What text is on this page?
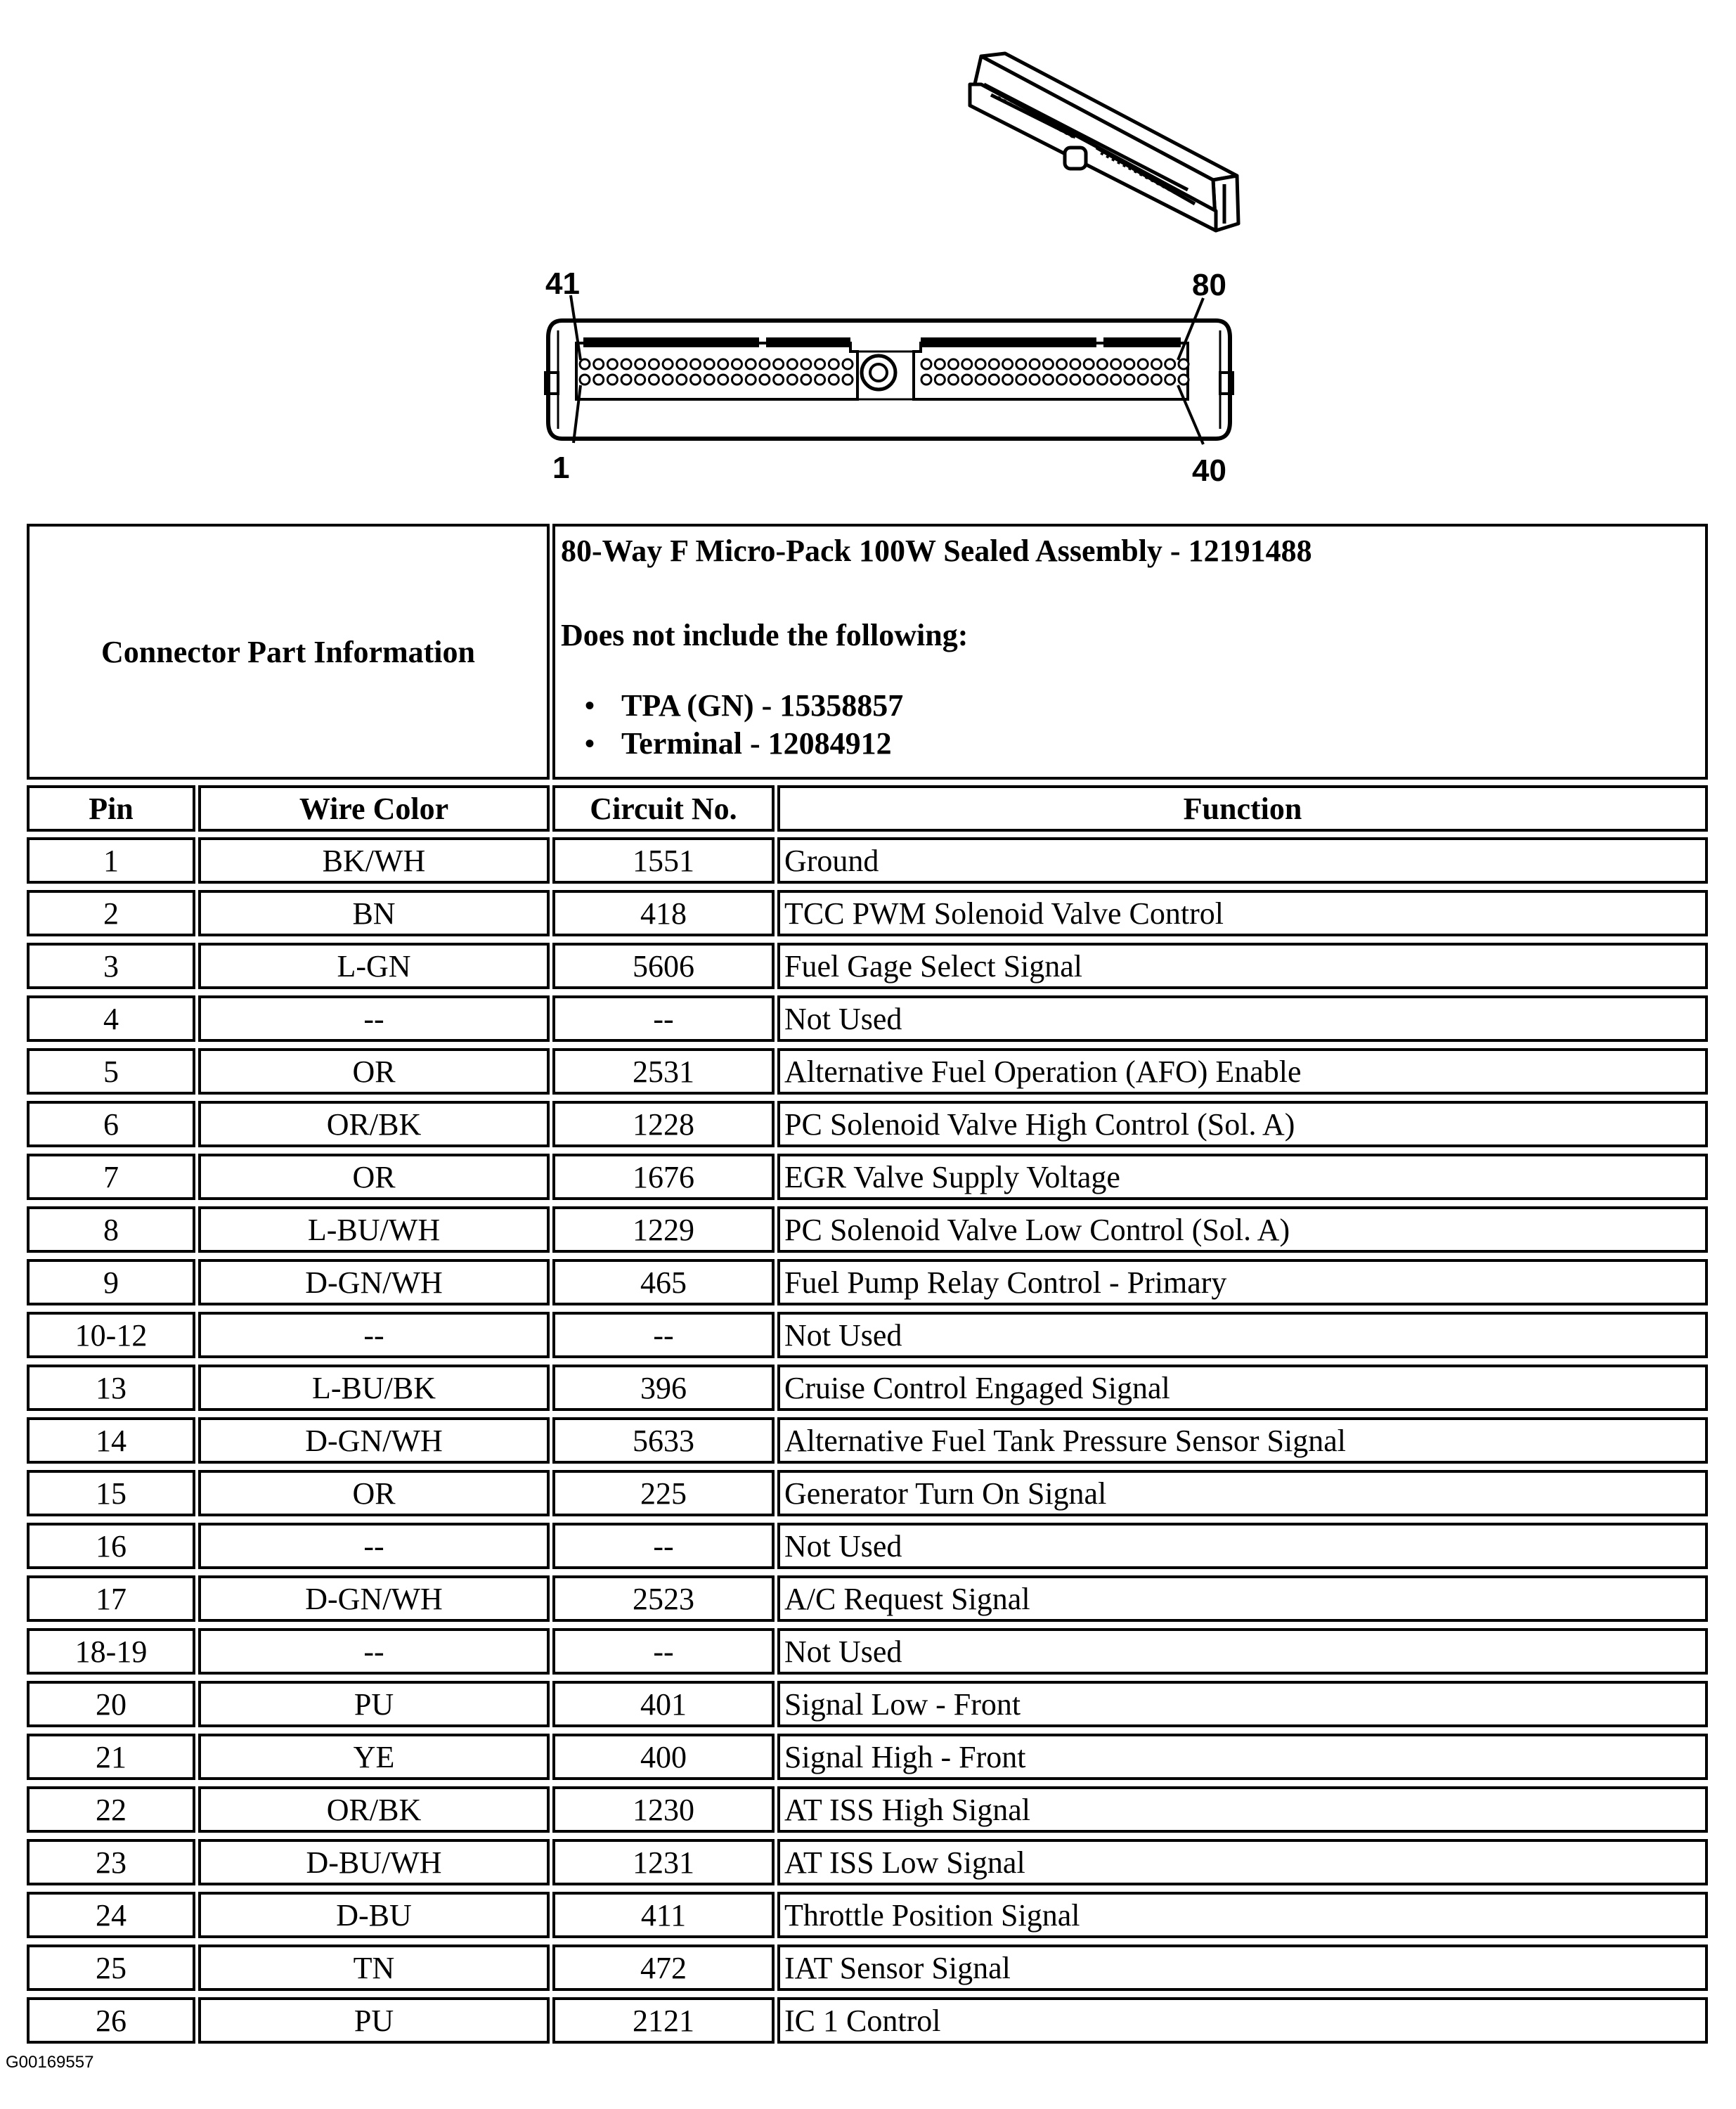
41	80
1	40
Connector Part Information
80-Way F Micro-Pack 100W Sealed Assembly - 12191488
Does not include the following:
• TPA (GN) - 15358857
• Terminal - 12084912
Pin	Wire Color	Circuit No.	Function
1	BK/WH	1551	Ground
2	BN	418	TCC PWM Solenoid Valve Control
3	L-GN	5606	Fuel Gage Select Signal
4	--	--	Not Used
5	OR	2531	Alternative Fuel Operation (AFO) Enable
6	OR/BK	1228	PC Solenoid Valve High Control (Sol. A)
7	OR	1676	EGR Valve Supply Voltage
8	L-BU/WH	1229	PC Solenoid Valve Low Control (Sol. A)
9	D-GN/WH	465	Fuel Pump Relay Control - Primary
10-12	--	--	Not Used
13	L-BU/BK	396	Cruise Control Engaged Signal
14	D-GN/WH	5633	Alternative Fuel Tank Pressure Sensor Signal
15	OR	225	Generator Turn On Signal
16	--	--	Not Used
17	D-GN/WH	2523	A/C Request Signal
18-19	--	--	Not Used
20	PU	401	Signal Low - Front
21	YE	400	Signal High - Front
22	OR/BK	1230	AT ISS High Signal
23	D-BU/WH	1231	AT ISS Low Signal
24	D-BU	411	Throttle Position Signal
25	TN	472	IAT Sensor Signal
26	PU	2121	IC 1 Control
G00169557
